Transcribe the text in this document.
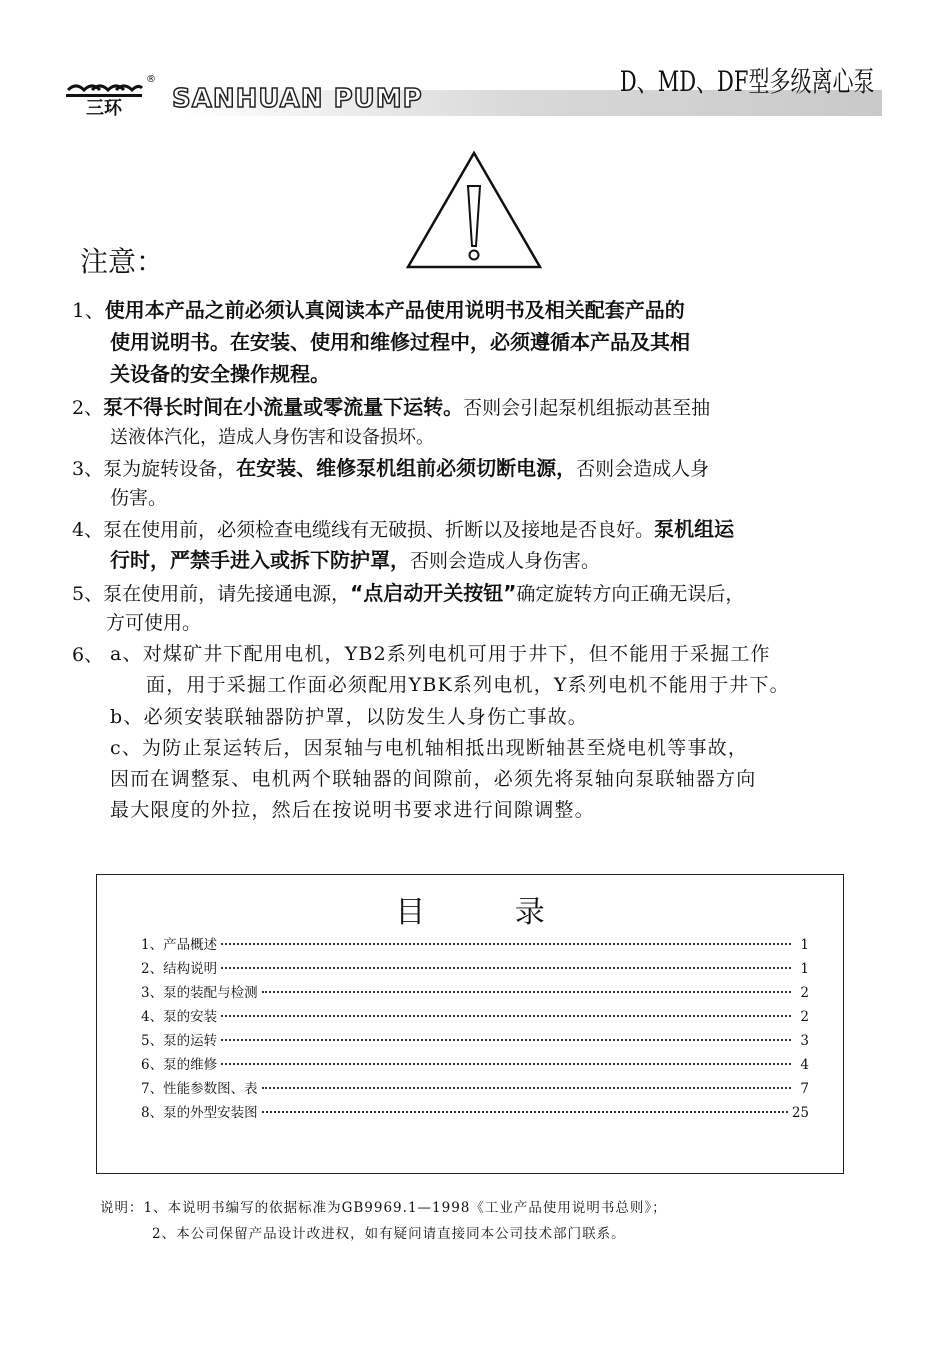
三环
®
SANHUAN PUMP
D、MD、DF型多级离心泵
注意：
1、使用本产品之前必须认真阅读本产品使用说明书及相关配套产品的
使用说明书。在安装、使用和维修过程中，必须遵循本产品及其相
关设备的安全操作规程。
2、泵不得长时间在小流量或零流量下运转。否则会引起泵机组振动甚至抽
送液体汽化，造成人身伤害和设备损坏。
3、泵为旋转设备，在安装、维修泵机组前必须切断电源，否则会造成人身
伤害。
4、泵在使用前，必须检查电缆线有无破损、折断以及接地是否良好。泵机组运
行时，严禁手进入或拆下防护罩，否则会造成人身伤害。
5、泵在使用前，请先接通电源，“点启动开关按钮”确定旋转方向正确无误后，
方可使用。
6、 a、对煤矿井下配用电机，YB2系列电机可用于井下，但不能用于采掘工作
面，用于采掘工作面必须配用YBK系列电机，Y系列电机不能用于井下。
b、必须安装联轴器防护罩，以防发生人身伤亡事故。
c、为防止泵运转后，因泵轴与电机轴相抵出现断轴甚至烧电机等事故，
因而在调整泵、电机两个联轴器的间隙前，必须先将泵轴向泵联轴器方向
最大限度的外拉，然后在按说明书要求进行间隙调整。
目 录
1、产品概述	1
2、结构说明	1
3、泵的装配与检测	2
4、泵的安装	2
5、泵的运转	3
6、泵的维修	4
7、性能参数图、表	7
8、泵的外型安装图	25
说明：1、本说明书编写的依据标准为GB9969.1—1998《工业产品使用说明书总则》；
2、本公司保留产品设计改进权，如有疑问请直接同本公司技术部门联系。
